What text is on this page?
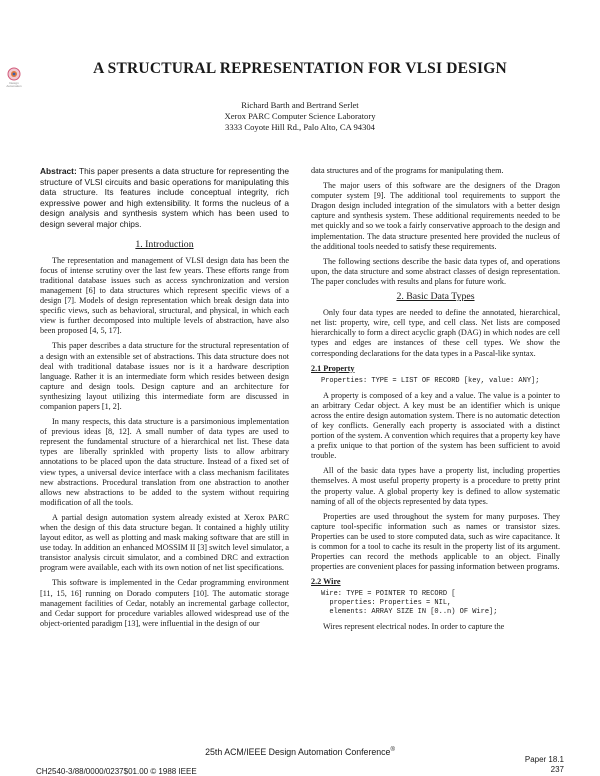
Design Automation
A STRUCTURAL REPRESENTATION FOR VLSI DESIGN
Richard Barth and Bertrand Serlet
Xerox PARC Computer Science Laboratory
3333 Coyote Hill Rd., Palo Alto, CA 94304

Abstract: This paper presents a data structure for representing the structure of VLSI circuits and basic operations for manipulating this data structure. Its features include conceptual integrity, rich expressive power and high extensibility. It forms the nucleus of a design analysis and synthesis system which has been used to design several major chips.

1. Introduction

The representation and management of VLSI design data has been the focus of intense scrutiny over the last few years. These efforts range from traditional database issues such as access synchronization and version management [6] to data structures which represent specific views of a design [7]. Models of design representation which break design data into specific views, such as behavioral, structural, and physical, in which each view is further decomposed into multiple levels of abstraction, have also been proposed [4, 5, 17].

This paper describes a data structure for the structural representation of a design with an extensible set of abstractions. This data structure does not deal with traditional database issues nor is it a hardware description language. Rather it is an intermediate form which resides between design capture and design tools. Design capture and an architecture for synthesizing layout utilizing this intermediate form are discussed in companion papers [1, 2].

In many respects, this data structure is a parsimonious implementation of previous ideas [8, 12]. A small number of data types are used to represent the fundamental structure of a hierarchical net list. These data types are liberally sprinkled with property lists to allow arbitrary annotations to be placed upon the data structure. Instead of a fixed set of view types, a universal device interface with a class mechanism facilitates new abstractions. Procedural translation from one abstraction to another allows new abstractions to be added to the system without requiring modification of all the tools.

A partial design automation system already existed at Xerox PARC when the design of this data structure began. It contained a highly utility layout editor, as well as plotting and mask making software that are still in use today. In addition an enhanced MOSSIM II [3] switch level simulator, a transistor analysis circuit simulator, and a combined DRC and extraction program were available, each with its own notion of net list specifications.

This software is implemented in the Cedar programming environment [11, 15, 16] running on Dorado computers [10]. The automatic storage management facilities of Cedar, notably an incremental garbage collector, and Cedar support for procedure variables allowed widespread use of the object-oriented paradigm [13], were influential in the design of our

data structures and of the programs for manipulating them.

The major users of this software are the designers of the Dragon computer system [9]. The additional tool requirements to support the Dragon design included integration of the simulators with a better design capture and synthesis system. These additional requirements needed to be met quickly and so we took a fairly conservative approach to the design and implementation. The data structure presented here provided the nucleus of the additional tools needed to satisfy these requirements.

The following sections describe the basic data types of, and operations upon, the data structure and some abstract classes of design representation. The paper concludes with results and plans for future work.

2. Basic Data Types

Only four data types are needed to define the annotated, hierarchical, net list: property, wire, cell type, and cell class. Net lists are composed hierarchically to form a direct acyclic graph (DAG) in which nodes are cell types and edges are instances of these cell types. We show the corresponding declarations for the data types in a Pascal-like syntax.

2.1 Property
Properties: TYPE = LIST OF RECORD [key, value: ANY];

A property is composed of a key and a value. The value is a pointer to an arbitrary Cedar object. A key must be an identifier which is unique across the entire design automation system. There is no automatic detection of key conflicts. Generally each property is associated with a distinct portion of the system. A convention which requires that a property key have a prefix unique to that portion of the system has been sufficient to avoid trouble.

All of the basic data types have a property list, including properties themselves. A most useful property property is a procedure to pretty print the property value. A global property key is defined to allow systematic naming of all of the objects represented by data types.

Properties are used throughout the system for many purposes. They capture tool-specific information such as names or transistor sizes. Properties can be used to store computed data, such as wire capacitance. It is common for a tool to cache its result in the property list of its argument. Properties can record the methods applicable to an object. Finally properties are convenient places for passing information between programs.

2.2 Wire
Wire: TYPE = POINTER TO RECORD [
properties: Properties = NIL,
elements: ARRAY SIZE IN [0..n) OF Wire];

Wires represent electrical nodes. In order to capture the

25th ACM/IEEE Design Automation Conference®
CH2540-3/88/0000/0237$01.00 © 1988 IEEE
Paper 18.1
237
